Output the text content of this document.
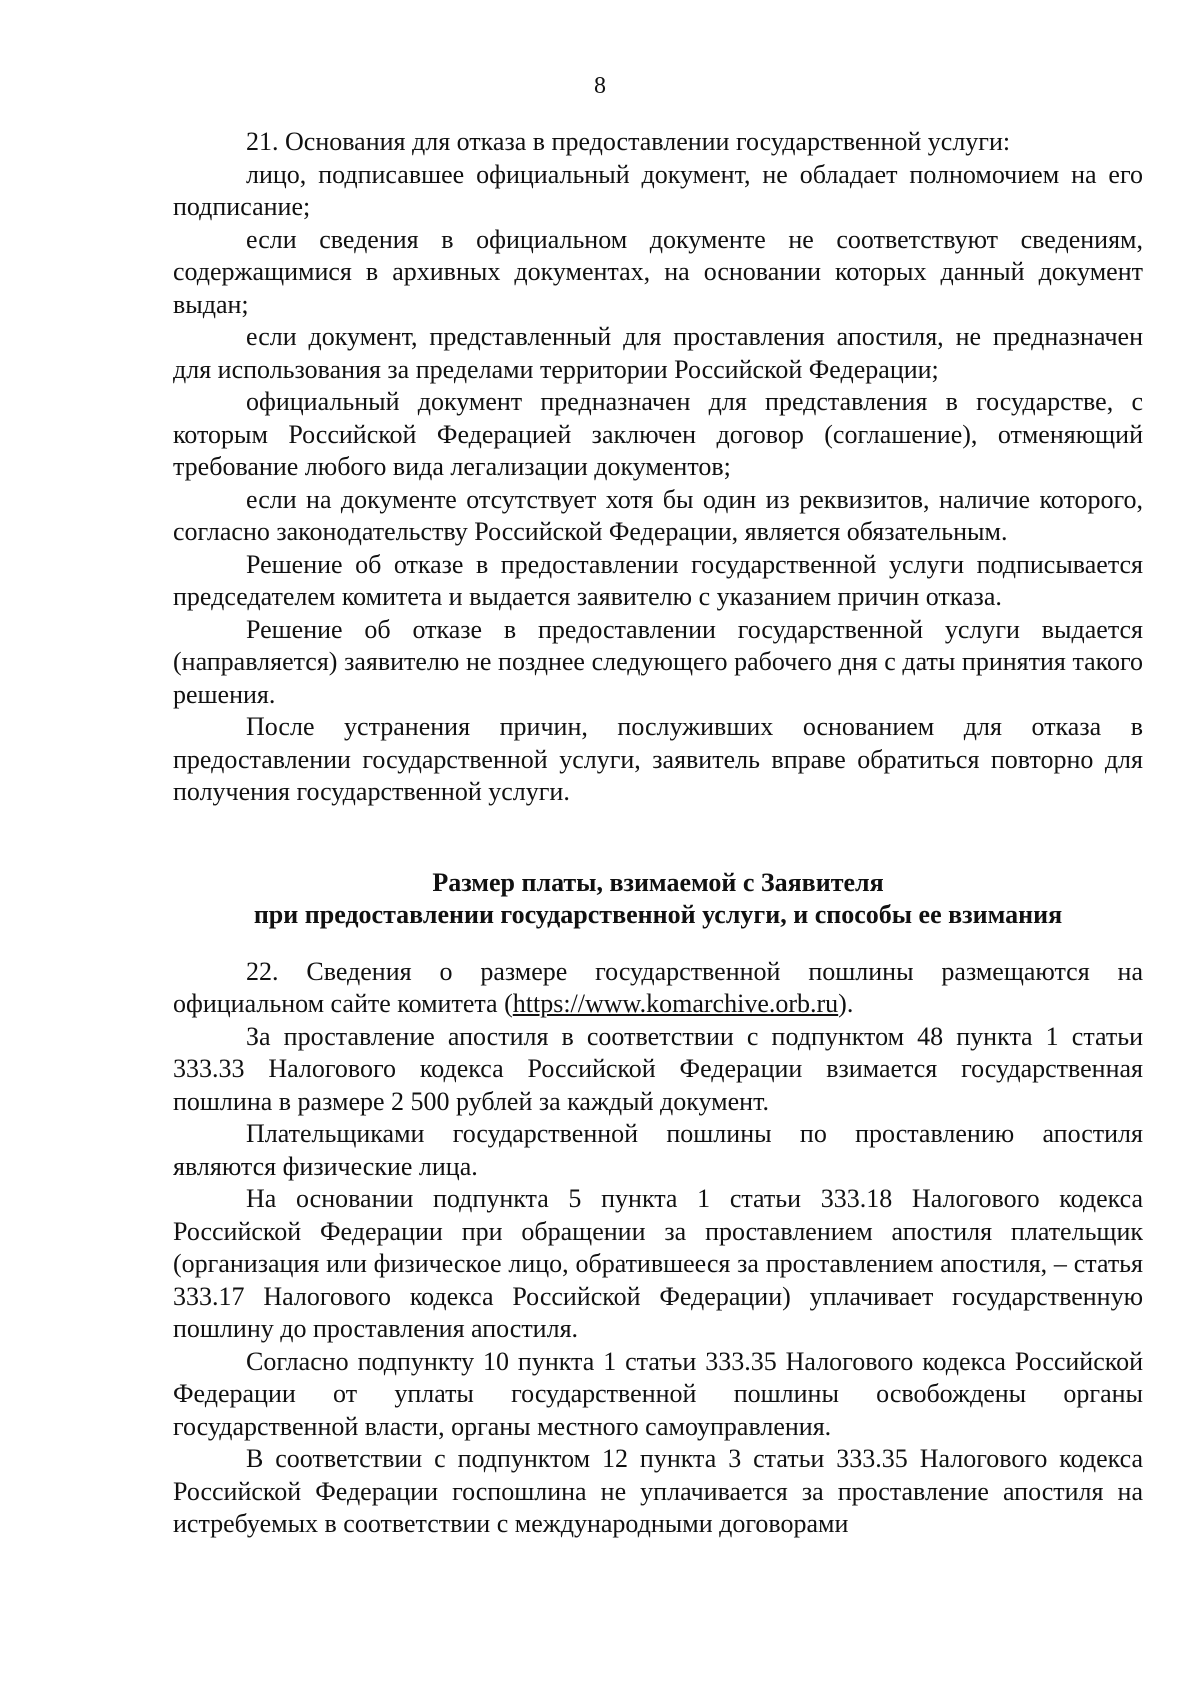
8

21. Основания для отказа в предоставлении государственной услуги:

лицо, подписавшее официальный документ, не обладает полномочием на его подписание;

если сведения в официальном документе не соответствуют сведениям, содержащимися в архивных документах, на основании которых данный документ выдан;

если документ, представленный для проставления апостиля, не предназначен для использования за пределами территории Российской Федерации;

официальный документ предназначен для представления в государстве, с которым Российской Федерацией заключен договор (соглашение), отменяющий требование любого вида легализации документов;

если на документе отсутствует хотя бы один из реквизитов, наличие которого, согласно законодательству Российской Федерации, является обязательным.

Решение об отказе в предоставлении государственной услуги подписывается председателем комитета и выдается заявителю с указанием причин отказа.

Решение об отказе в предоставлении государственной услуги выдается (направляется) заявителю не позднее следующего рабочего дня с даты принятия такого решения.

После устранения причин, послуживших основанием для отказа в предоставлении государственной услуги, заявитель вправе обратиться повторно для получения государственной услуги.

Размер платы, взимаемой с Заявителя

при предоставлении государственной услуги, и способы ее взимания

22. Сведения о размере государственной пошлины размещаются на официальном сайте комитета (https://www.komarchive.orb.ru).

За проставление апостиля в соответствии с подпунктом 48 пункта 1 статьи 333.33 Налогового кодекса Российской Федерации взимается государственная пошлина в размере 2 500 рублей за каждый документ.

Плательщиками государственной пошлины по проставлению апостиля являются физические лица.

На основании подпункта 5 пункта 1 статьи 333.18 Налогового кодекса Российской Федерации при обращении за проставлением апостиля плательщик (организация или физическое лицо, обратившееся за проставлением апостиля, – статья 333.17 Налогового кодекса Российской Федерации) уплачивает государственную пошлину до проставления апостиля.

Согласно подпункту 10 пункта 1 статьи 333.35 Налогового кодекса Российской Федерации от уплаты государственной пошлины освобождены органы государственной власти, органы местного самоуправления.

В соответствии с подпунктом 12 пункта 3 статьи 333.35 Налогового кодекса Российской Федерации госпошлина не уплачивается за проставление апостиля на истребуемых в соответствии с международными договорами
